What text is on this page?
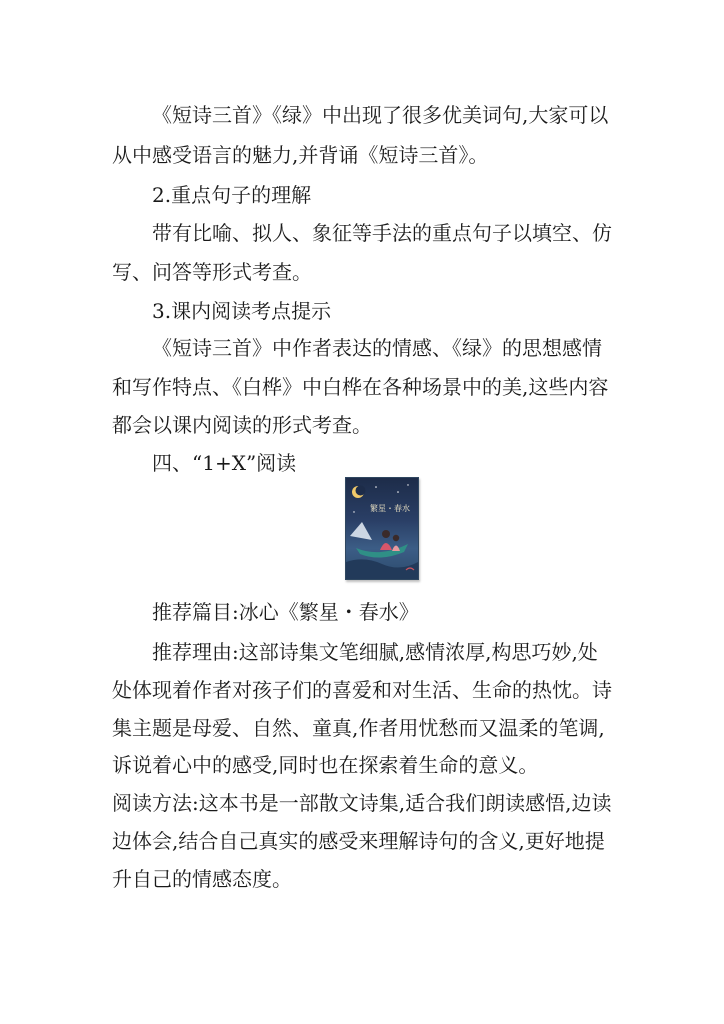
《短诗三首》《绿》中出现了很多优美词句,大家可以
从中感受语言的魅力,并背诵《短诗三首》。
2.重点句子的理解
带有比喻、拟人、象征等手法的重点句子以填空、仿
写、问答等形式考查。
3.课内阅读考点提示
《短诗三首》中作者表达的情感、《绿》的思想感情
和写作特点、《白桦》中白桦在各种场景中的美,这些内容
都会以课内阅读的形式考查。
四、“1+X”阅读
繁星・春水
推荐篇目:冰心《繁星・春水》
推荐理由:这部诗集文笔细腻,感情浓厚,构思巧妙,处
处体现着作者对孩子们的喜爱和对生活、生命的热忱。诗
集主题是母爱、自然、童真,作者用忧愁而又温柔的笔调,
诉说着心中的感受,同时也在探索着生命的意义。
阅读方法:这本书是一部散文诗集,适合我们朗读感悟,边读
边体会,结合自己真实的感受来理解诗句的含义,更好地提
升自己的情感态度。
